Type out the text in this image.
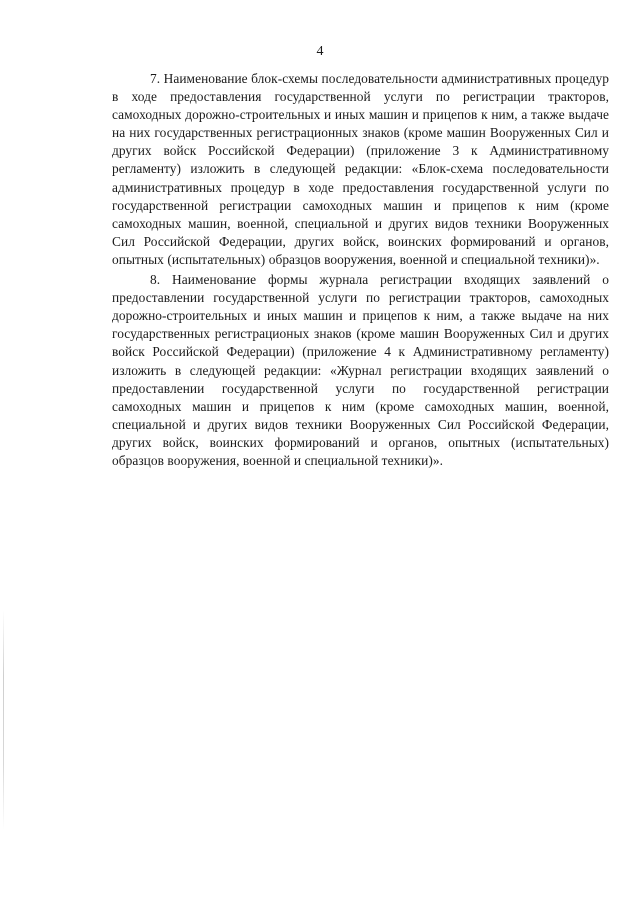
4

7. Наименование блок-схемы последовательности административных процедур в ходе предоставления государственной услуги по регистрации тракторов, самоходных дорожно-строительных и иных машин и прицепов к ним, а также выдаче на них государственных регистрационных знаков (кроме машин Вооруженных Сил и других войск Российской Федерации) (приложение 3 к Административному регламенту) изложить в следующей редакции: «Блок-схема последовательности административных процедур в ходе предоставления государственной услуги по государственной регистрации самоходных машин и прицепов к ним (кроме самоходных машин, военной, специальной и других видов техники Вооруженных Сил Российской Федерации, других войск, воинских формирований и органов, опытных (испытательных) образцов вооружения, военной и специальной техники)».

8. Наименование формы журнала регистрации входящих заявлений о предоставлении государственной услуги по регистрации тракторов, самоходных дорожно-строительных и иных машин и прицепов к ним, а также выдаче на них государственных регистрационых знаков (кроме машин Вооруженных Сил и других войск Российской Федерации) (приложение 4 к Административному регламенту) изложить в следующей редакции: «Журнал регистрации входящих заявлений о предоставлении государственной услуги по государственной регистрации самоходных машин и прицепов к ним (кроме самоходных машин, военной, специальной и других видов техники Вооруженных Сил Российской Федерации, других войск, воинских формирований и органов, опытных (испытательных) образцов вооружения, военной и специальной техники)».
